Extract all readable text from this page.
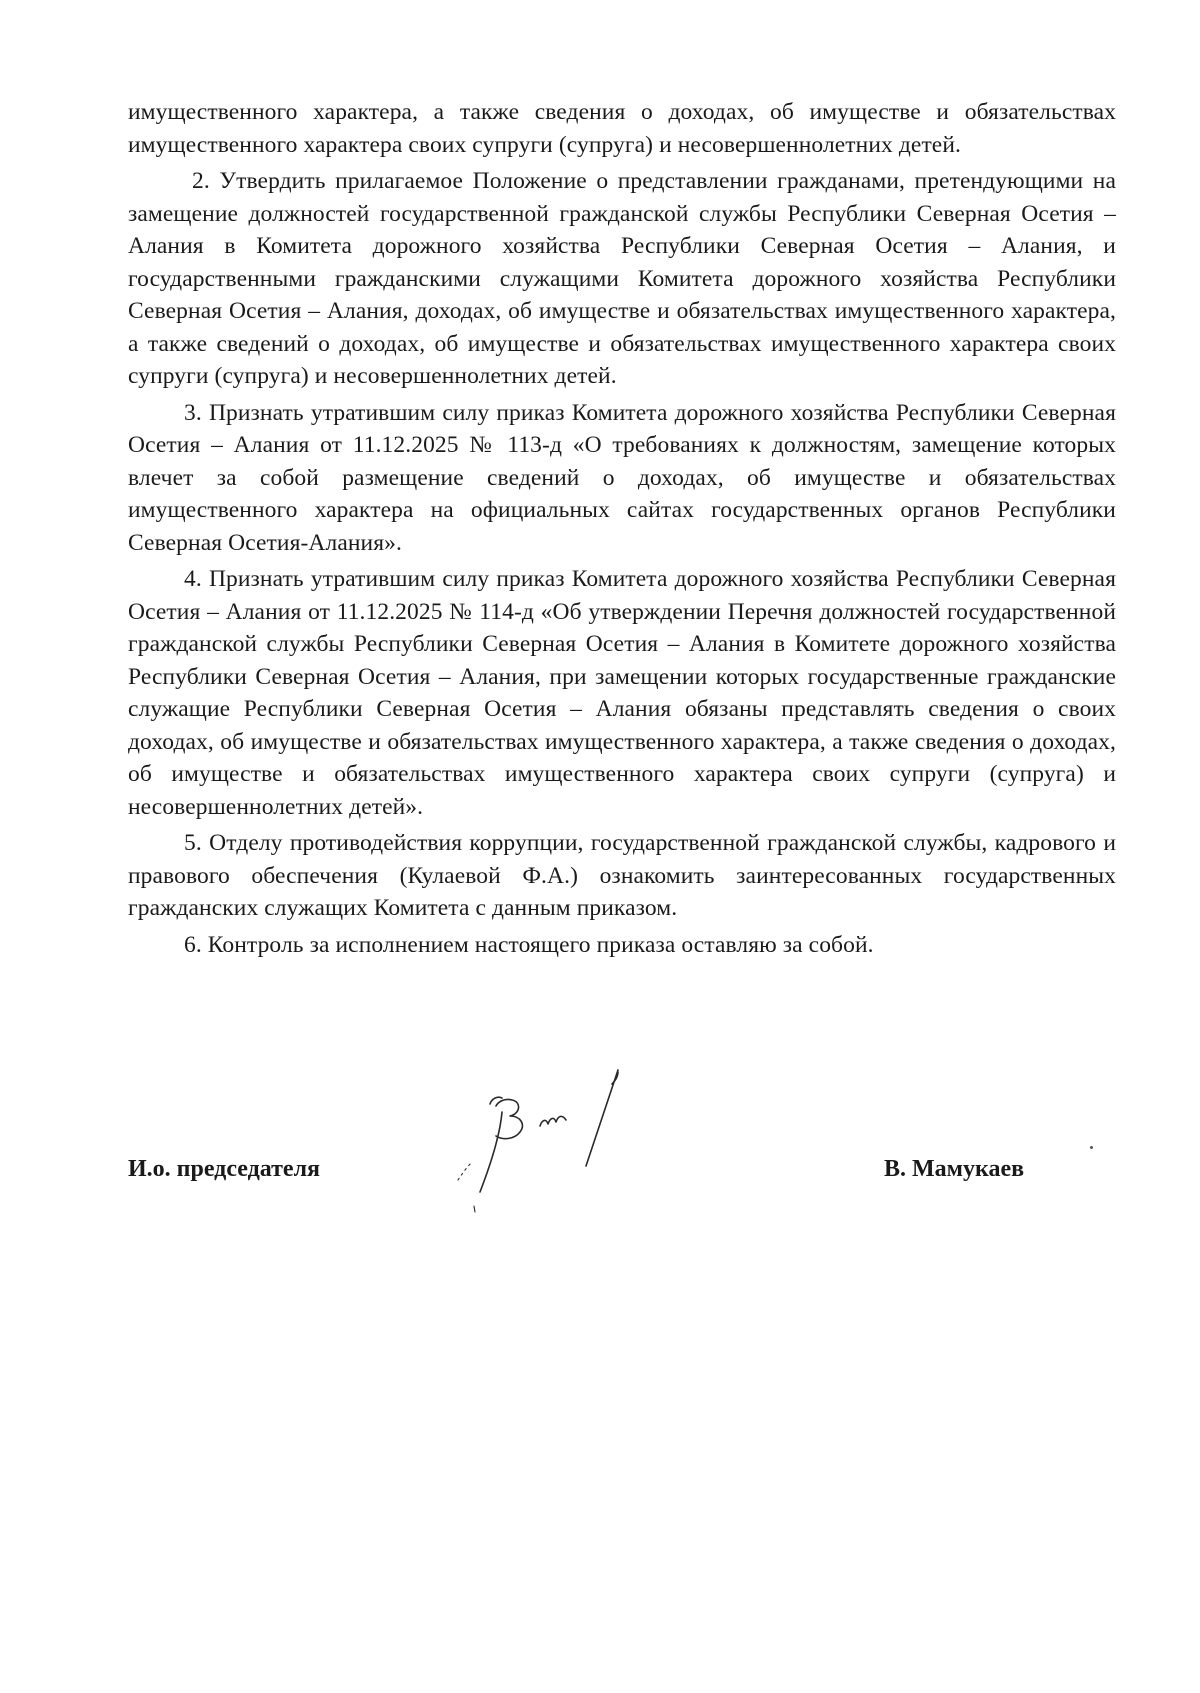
имущественного характера, а также сведения о доходах, об имуществе и обязательствах имущественного характера своих супруги (супруга) и несовершеннолетних детей.

2. Утвердить прилагаемое Положение о представлении гражданами, претендующими на замещение должностей государственной гражданской службы Республики Северная Осетия – Алания в Комитета дорожного хозяйства Республики Северная Осетия – Алания, и государственными гражданскими служащими Комитета дорожного хозяйства Республики Северная Осетия – Алания, доходах, об имуществе и обязательствах имущественного характера, а также сведений о доходах, об имуществе и обязательствах имущественного характера своих супруги (супруга) и несовершеннолетних детей.

3. Признать утратившим силу приказ Комитета дорожного хозяйства Республики Северная Осетия – Алания от 11.12.2025 № 113-д «О требованиях к должностям, замещение которых влечет за собой размещение сведений о доходах, об имуществе и обязательствах имущественного характера на официальных сайтах государственных органов Республики Северная Осетия-Алания».

4. Признать утратившим силу приказ Комитета дорожного хозяйства Республики Северная Осетия – Алания от 11.12.2025 № 114-д «Об утверждении Перечня должностей государственной гражданской службы Республики Северная Осетия – Алания в Комитете дорожного хозяйства Республики Северная Осетия – Алания, при замещении которых государственные гражданские служащие Республики Северная Осетия – Алания обязаны представлять сведения о своих доходах, об имуществе и обязательствах имущественного характера, а также сведения о доходах, об имуществе и обязательствах имущественного характера своих супруги (супруга) и несовершеннолетних детей».

5. Отделу противодействия коррупции, государственной гражданской службы, кадрового и правового обеспечения (Кулаевой Ф.А.) ознакомить заинтересованных государственных гражданских служащих Комитета с данным приказом.

6. Контроль за исполнением настоящего приказа оставляю за собой.

И.о. председателя	В. Мамукаев
